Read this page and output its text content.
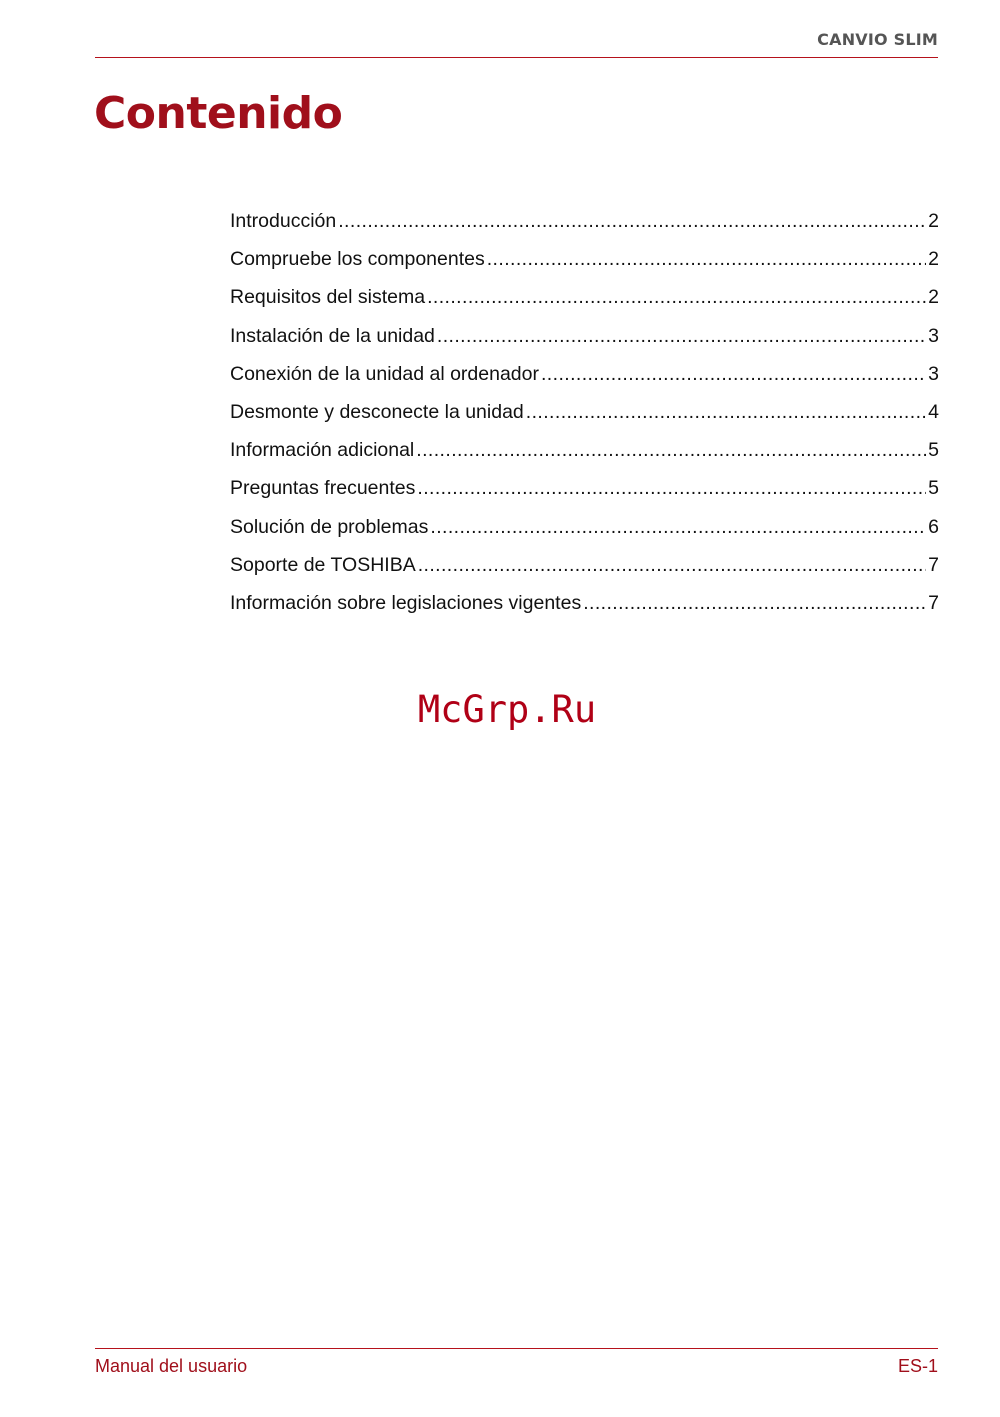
CANVIO SLIM
Contenido
Introducción .....	2
Compruebe los componentes .....	2
Requisitos del sistema .....	2
Instalación de la unidad .....	3
Conexión de la unidad al ordenador .....	3
Desmonte y desconecte la unidad .....	4
Información adicional .....	5
Preguntas frecuentes .....	5
Solución de problemas .....	6
Soporte de TOSHIBA .....	7
Información sobre legislaciones vigentes .....	7
McGrp.Ru
Manual del usuario	ES-1
